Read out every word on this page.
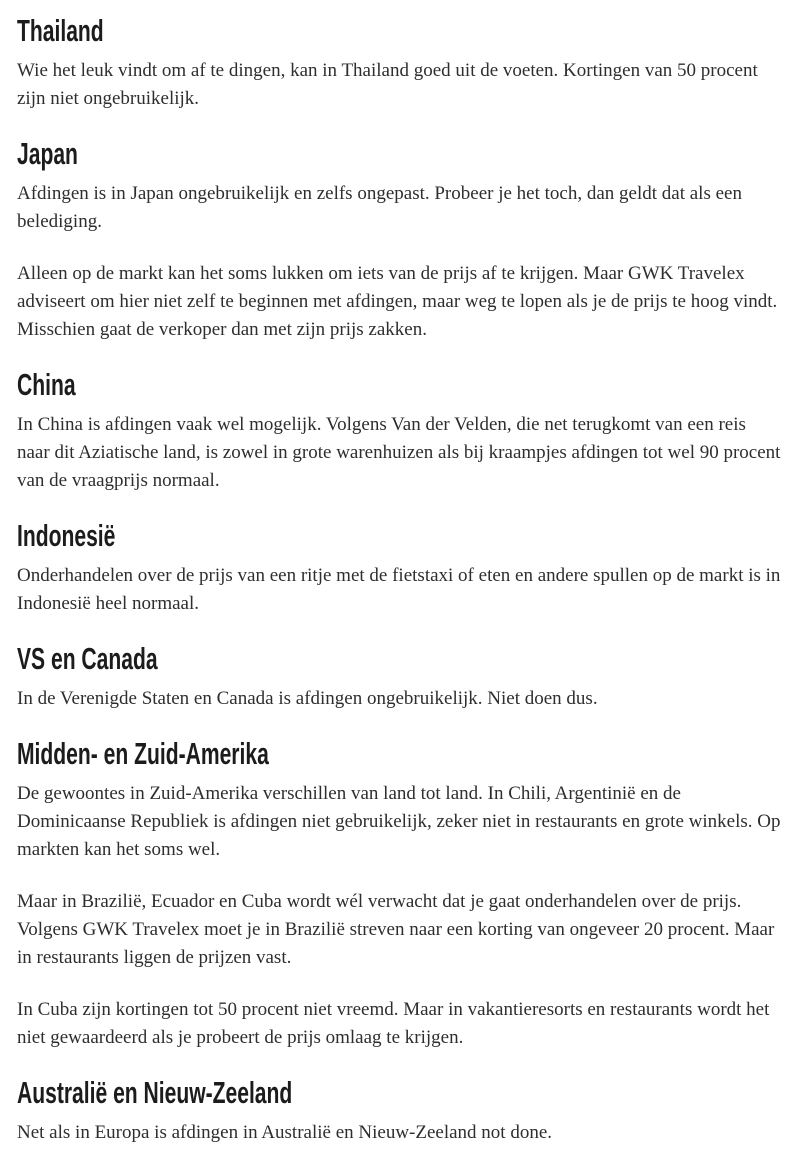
Thailand

Wie het leuk vindt om af te dingen, kan in Thailand goed uit de voeten. Kortingen van 50 procent zijn niet ongebruikelijk.

Japan

Afdingen is in Japan ongebruikelijk en zelfs ongepast. Probeer je het toch, dan geldt dat als een belediging.

Alleen op de markt kan het soms lukken om iets van de prijs af te krijgen. Maar GWK Travelex adviseert om hier niet zelf te beginnen met afdingen, maar weg te lopen als je de prijs te hoog vindt. Misschien gaat de verkoper dan met zijn prijs zakken.

China

In China is afdingen vaak wel mogelijk. Volgens Van der Velden, die net terugkomt van een reis naar dit Aziatische land, is zowel in grote warenhuizen als bij kraampjes afdingen tot wel 90 procent van de vraagprijs normaal.

Indonesië

Onderhandelen over de prijs van een ritje met de fietstaxi of eten en andere spullen op de markt is in Indonesië heel normaal.

VS en Canada

In de Verenigde Staten en Canada is afdingen ongebruikelijk. Niet doen dus.

Midden- en Zuid-Amerika

De gewoontes in Zuid-Amerika verschillen van land tot land. In Chili, Argentinië en de Dominicaanse Republiek is afdingen niet gebruikelijk, zeker niet in restaurants en grote winkels. Op markten kan het soms wel.

Maar in Brazilië, Ecuador en Cuba wordt wél verwacht dat je gaat onderhandelen over de prijs. Volgens GWK Travelex moet je in Brazilië streven naar een korting van ongeveer 20 procent. Maar in restaurants liggen de prijzen vast.

In Cuba zijn kortingen tot 50 procent niet vreemd. Maar in vakantieresorts en restaurants wordt het niet gewaardeerd als je probeert de prijs omlaag te krijgen.

Australië en Nieuw-Zeeland

Net als in Europa is afdingen in Australië en Nieuw-Zeeland not done.
